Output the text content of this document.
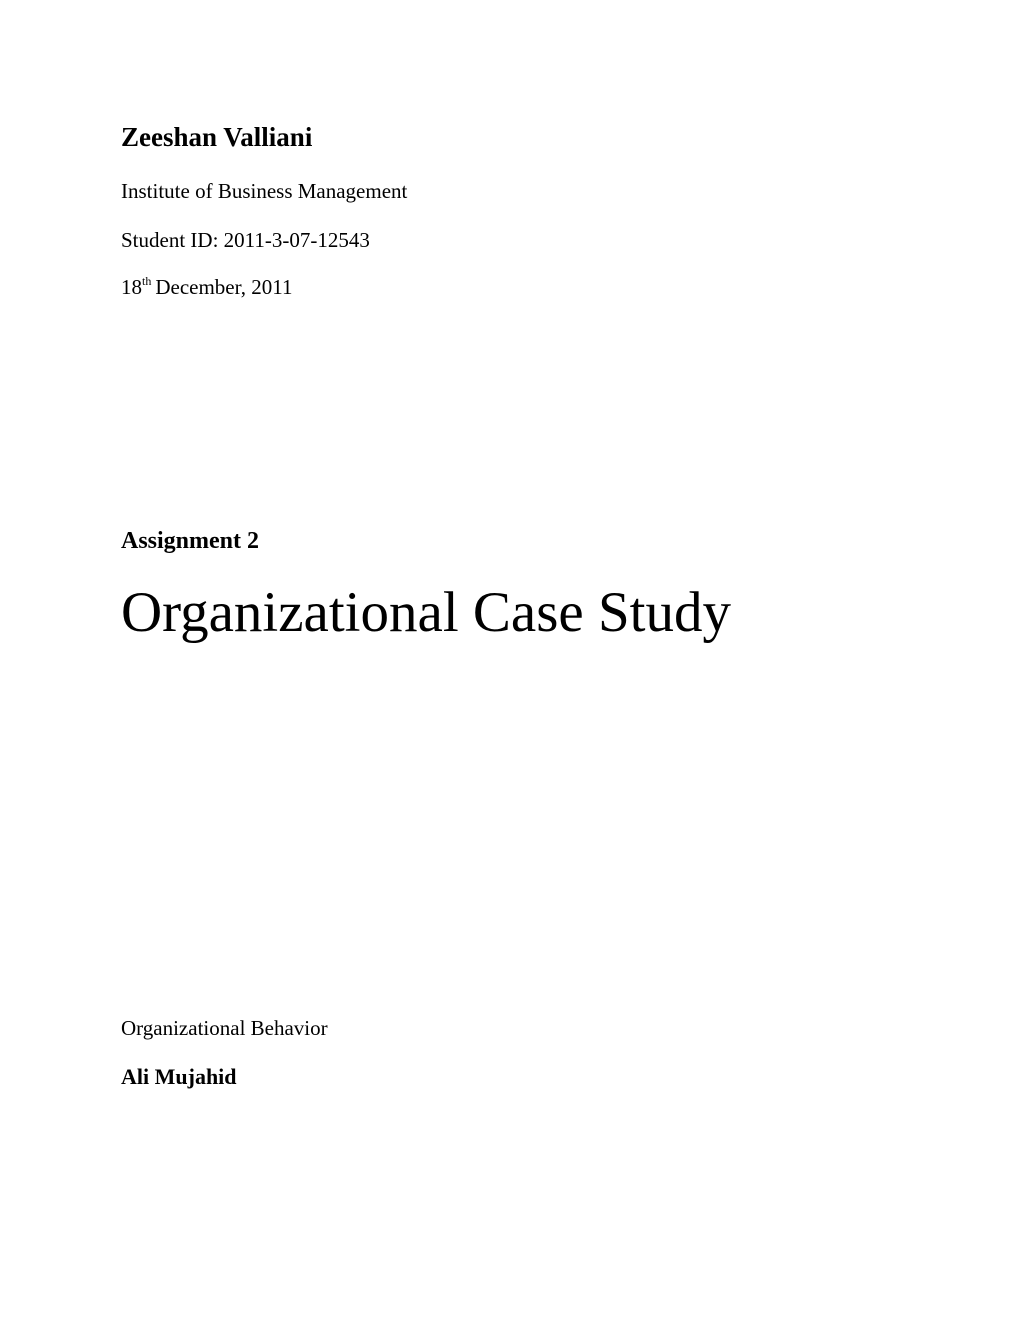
Zeeshan Valliani

Institute of Business Management

Student ID: 2011-3-07-12543

18th December, 2011

Assignment 2

Organizational Case Study

Organizational Behavior

Ali Mujahid
